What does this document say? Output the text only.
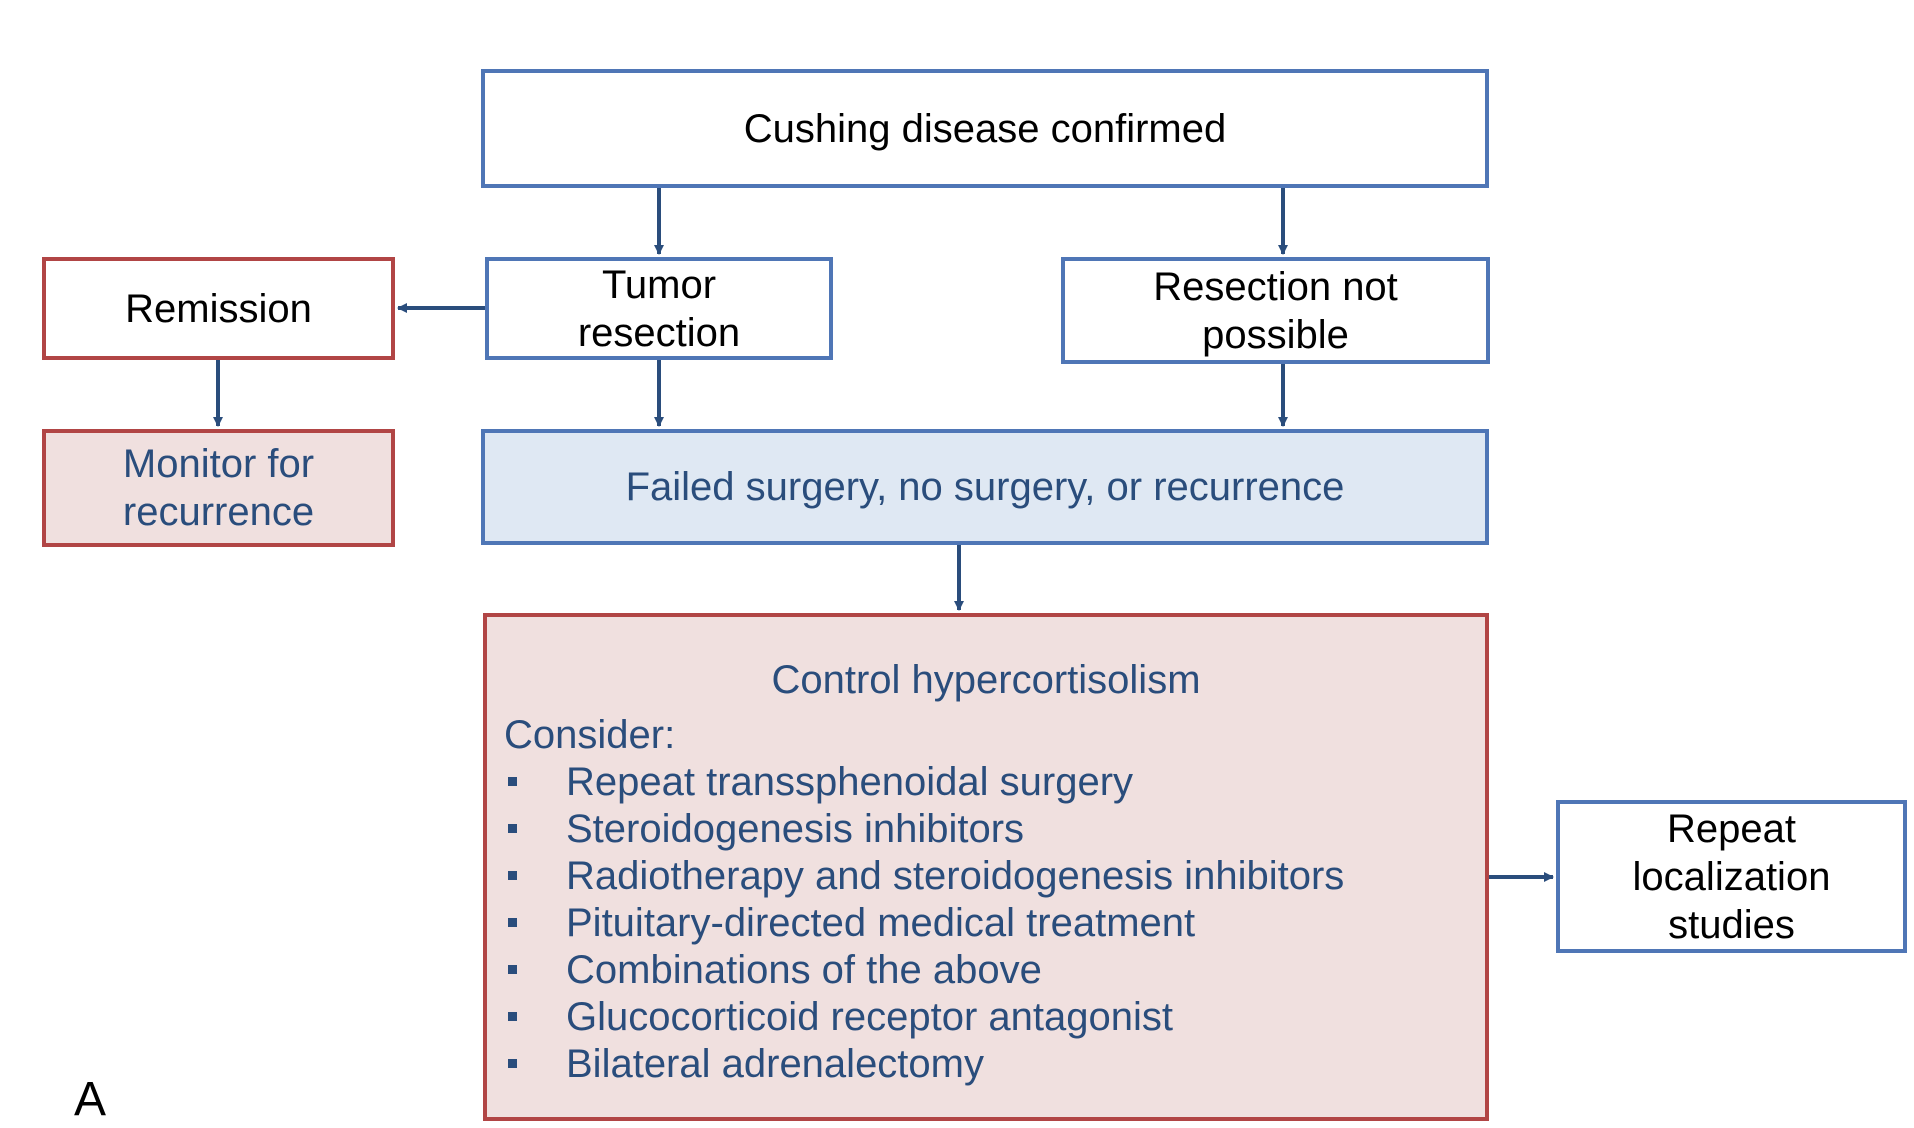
Cushing disease confirmed
Tumor
resection
Resection not
possible
Remission
Monitor for
recurrence
Failed surgery, no surgery, or recurrence
Control hypercortisolism
Consider:
Repeat transsphenoidal surgery
Steroidogenesis inhibitors
Radiotherapy and steroidogenesis inhibitors
Pituitary-directed medical treatment
Combinations of the above
Glucocorticoid receptor antagonist
Bilateral adrenalectomy
Repeat
localization
studies
A
